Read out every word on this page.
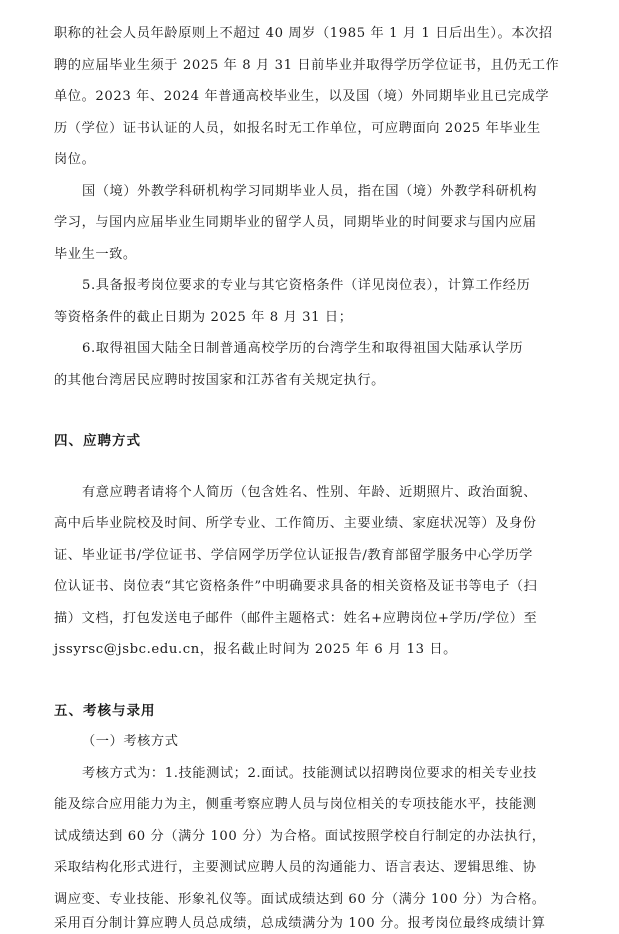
职称的社会人员年龄原则上不超过 40 周岁（1985 年 1 月 1 日后出生）。本次招
聘的应届毕业生须于 2025 年 8 月 31 日前毕业并取得学历学位证书，且仍无工作
单位。2023 年、2024 年普通高校毕业生，以及国（境）外同期毕业且已完成学
历（学位）证书认证的人员，如报名时无工作单位，可应聘面向 2025 年毕业生
岗位。
国（境）外教学科研机构学习同期毕业人员，指在国（境）外教学科研机构
学习，与国内应届毕业生同期毕业的留学人员，同期毕业的时间要求与国内应届
毕业生一致。
5.具备报考岗位要求的专业与其它资格条件（详见岗位表），计算工作经历
等资格条件的截止日期为 2025 年 8 月 31 日；
6.取得祖国大陆全日制普通高校学历的台湾学生和取得祖国大陆承认学历
的其他台湾居民应聘时按国家和江苏省有关规定执行。
四、应聘方式
有意应聘者请将个人简历（包含姓名、性别、年龄、近期照片、政治面貌、
高中后毕业院校及时间、所学专业、工作简历、主要业绩、家庭状况等）及身份
证、毕业证书/学位证书、学信网学历学位认证报告/教育部留学服务中心学历学
位认证书、岗位表“其它资格条件”中明确要求具备的相关资格及证书等电子（扫
描）文档，打包发送电子邮件（邮件主题格式：姓名+应聘岗位+学历/学位）至
jssyrsc@jsbc.edu.cn，报名截止时间为 2025 年 6 月 13 日。
五、考核与录用
（一）考核方式
考核方式为：1.技能测试；2.面试。技能测试以招聘岗位要求的相关专业技
能及综合应用能力为主，侧重考察应聘人员与岗位相关的专项技能水平，技能测
试成绩达到 60 分（满分 100 分）为合格。面试按照学校自行制定的办法执行，
采取结构化形式进行，主要测试应聘人员的沟通能力、语言表达、逻辑思维、协
调应变、专业技能、形象礼仪等。面试成绩达到 60 分（满分 100 分）为合格。
采用百分制计算应聘人员总成绩，总成绩满分为 100 分。报考岗位最终成绩计算
